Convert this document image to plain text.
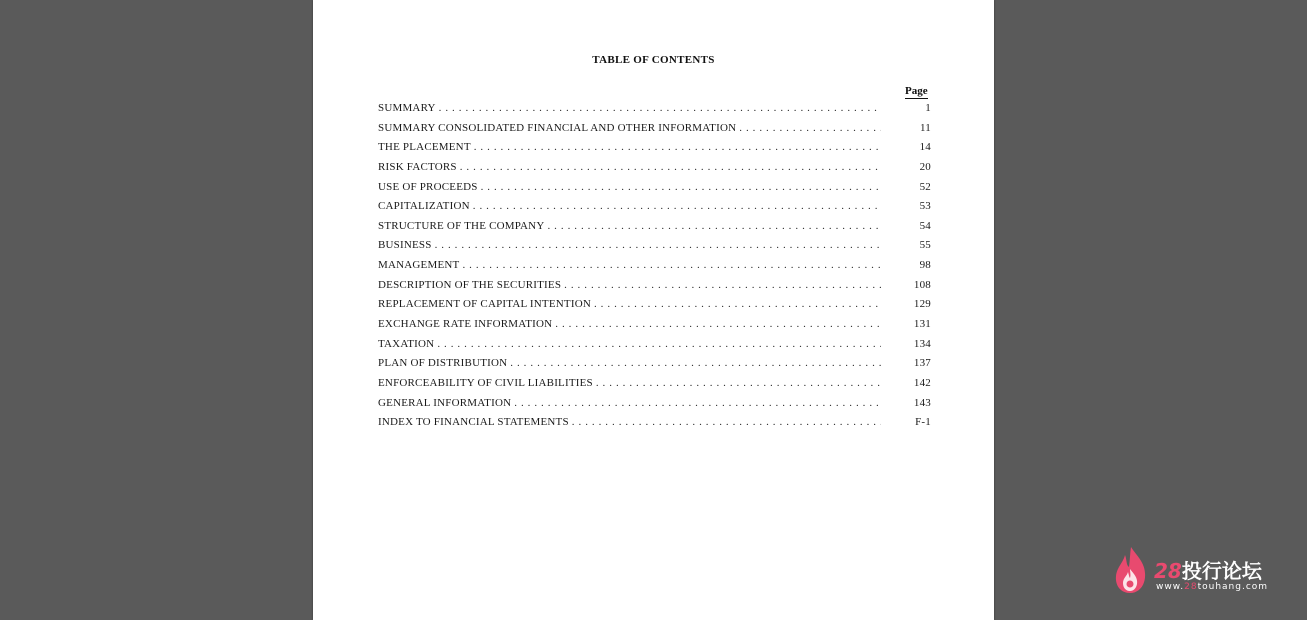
TABLE OF CONTENTS
Page
SUMMARY . . .	1
SUMMARY CONSOLIDATED FINANCIAL AND OTHER INFORMATION . . .	11
THE PLACEMENT . . .	14
RISK FACTORS . . .	20
USE OF PROCEEDS . . .	52
CAPITALIZATION . . .	53
STRUCTURE OF THE COMPANY . . .	54
BUSINESS . . .	55
MANAGEMENT . . .	98
DESCRIPTION OF THE SECURITIES . . .	108
REPLACEMENT OF CAPITAL INTENTION . . .	129
EXCHANGE RATE INFORMATION . . .	131
TAXATION . . .	134
PLAN OF DISTRIBUTION . . .	137
ENFORCEABILITY OF CIVIL LIABILITIES . . .	142
GENERAL INFORMATION . . .	143
INDEX TO FINANCIAL STATEMENTS . . .	F-1
28投行论坛
www.28touhang.com
